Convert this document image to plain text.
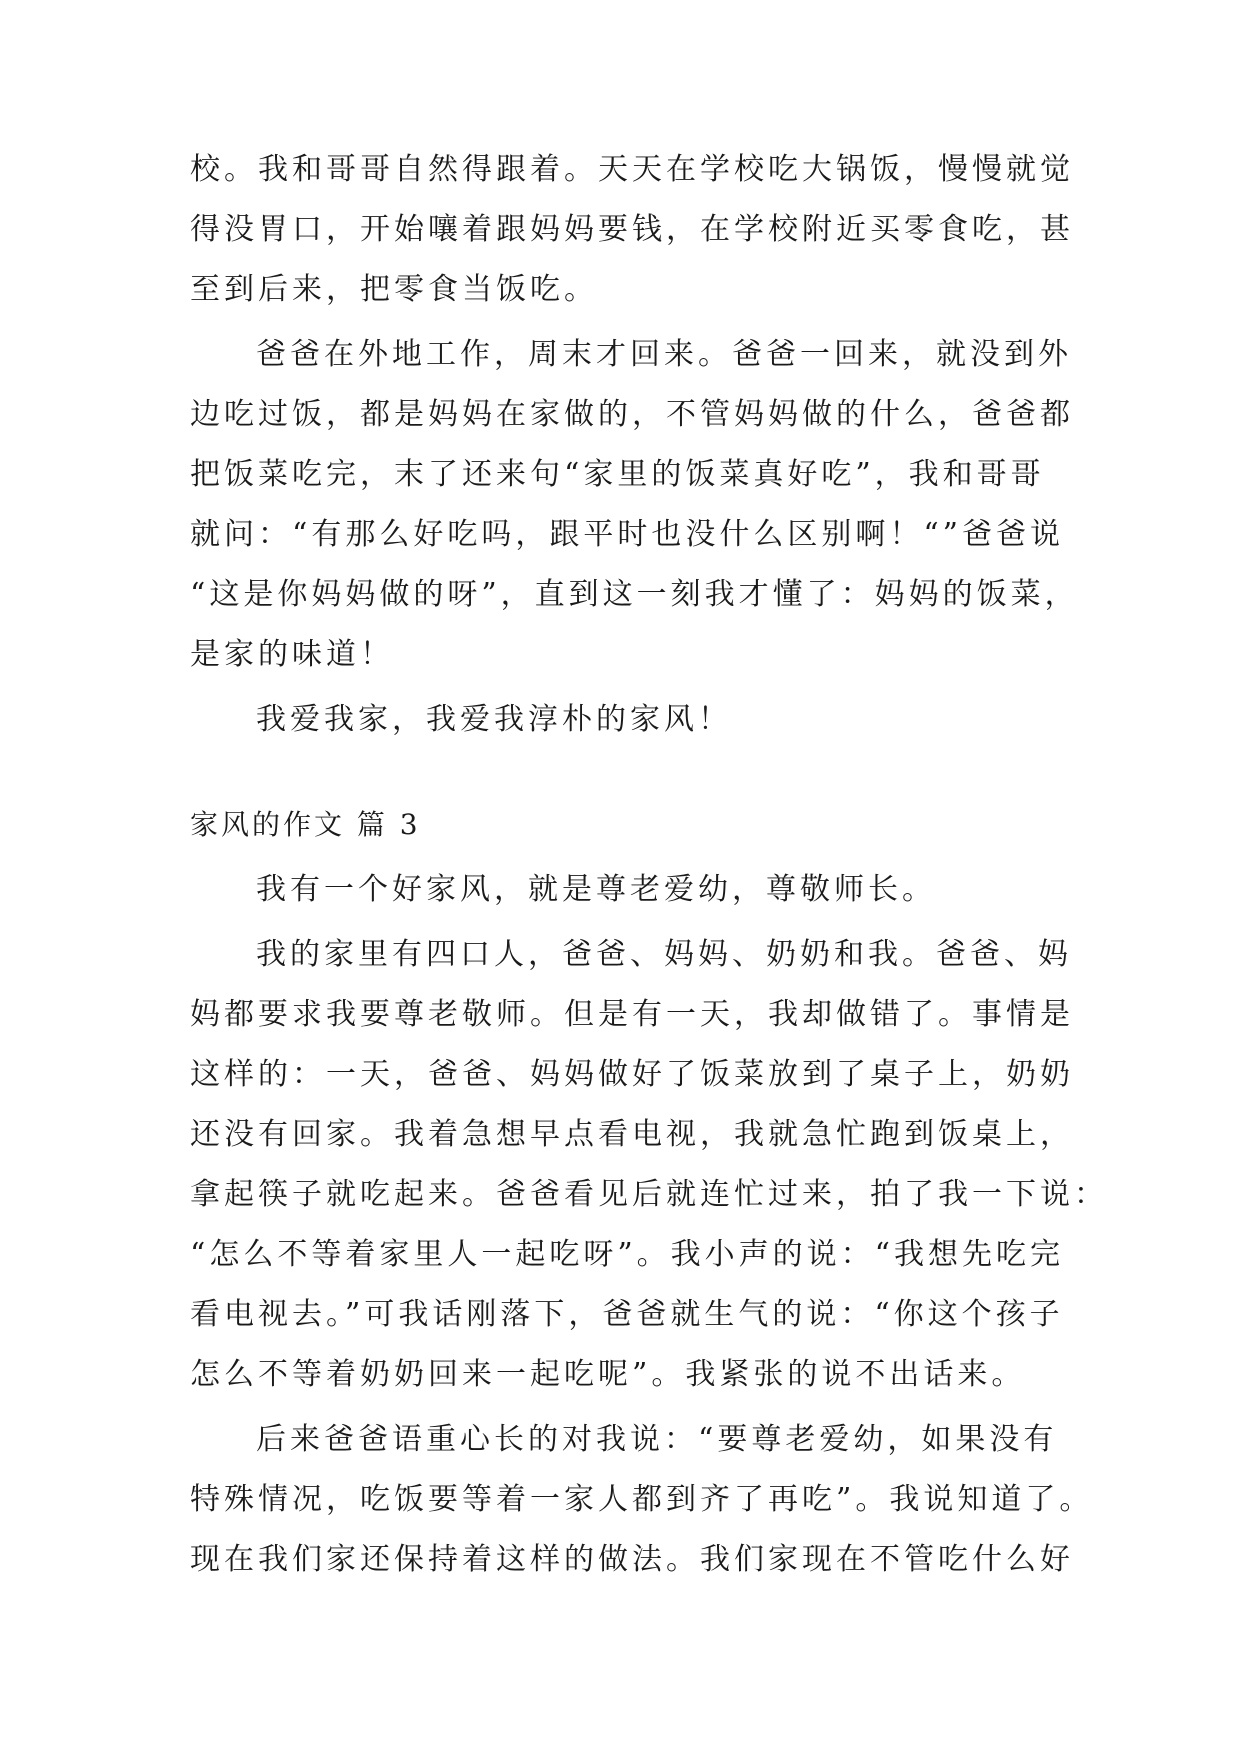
校。我和哥哥自然得跟着。天天在学校吃大锅饭，慢慢就觉
得没胃口，开始嚷着跟妈妈要钱，在学校附近买零食吃，甚
至到后来，把零食当饭吃。
爸爸在外地工作，周末才回来。爸爸一回来，就没到外
边吃过饭，都是妈妈在家做的，不管妈妈做的什么，爸爸都
把饭菜吃完，末了还来句“家里的饭菜真好吃”，我和哥哥
就问：“有那么好吃吗，跟平时也没什么区别啊！“”爸爸说
“这是你妈妈做的呀”，直到这一刻我才懂了：妈妈的饭菜，
是家的味道！
我爱我家，我爱我淳朴的家风！
家风的作文 篇 3
我有一个好家风，就是尊老爱幼，尊敬师长。
我的家里有四口人，爸爸、妈妈、奶奶和我。爸爸、妈
妈都要求我要尊老敬师。但是有一天，我却做错了。事情是
这样的：一天，爸爸、妈妈做好了饭菜放到了桌子上，奶奶
还没有回家。我着急想早点看电视，我就急忙跑到饭桌上，
拿起筷子就吃起来。爸爸看见后就连忙过来，拍了我一下说：
“怎么不等着家里人一起吃呀”。我小声的说：“我想先吃完
看电视去。”可我话刚落下，爸爸就生气的说：“你这个孩子
怎么不等着奶奶回来一起吃呢”。我紧张的说不出话来。
后来爸爸语重心长的对我说：“要尊老爱幼，如果没有
特殊情况，吃饭要等着一家人都到齐了再吃”。我说知道了。
现在我们家还保持着这样的做法。我们家现在不管吃什么好
